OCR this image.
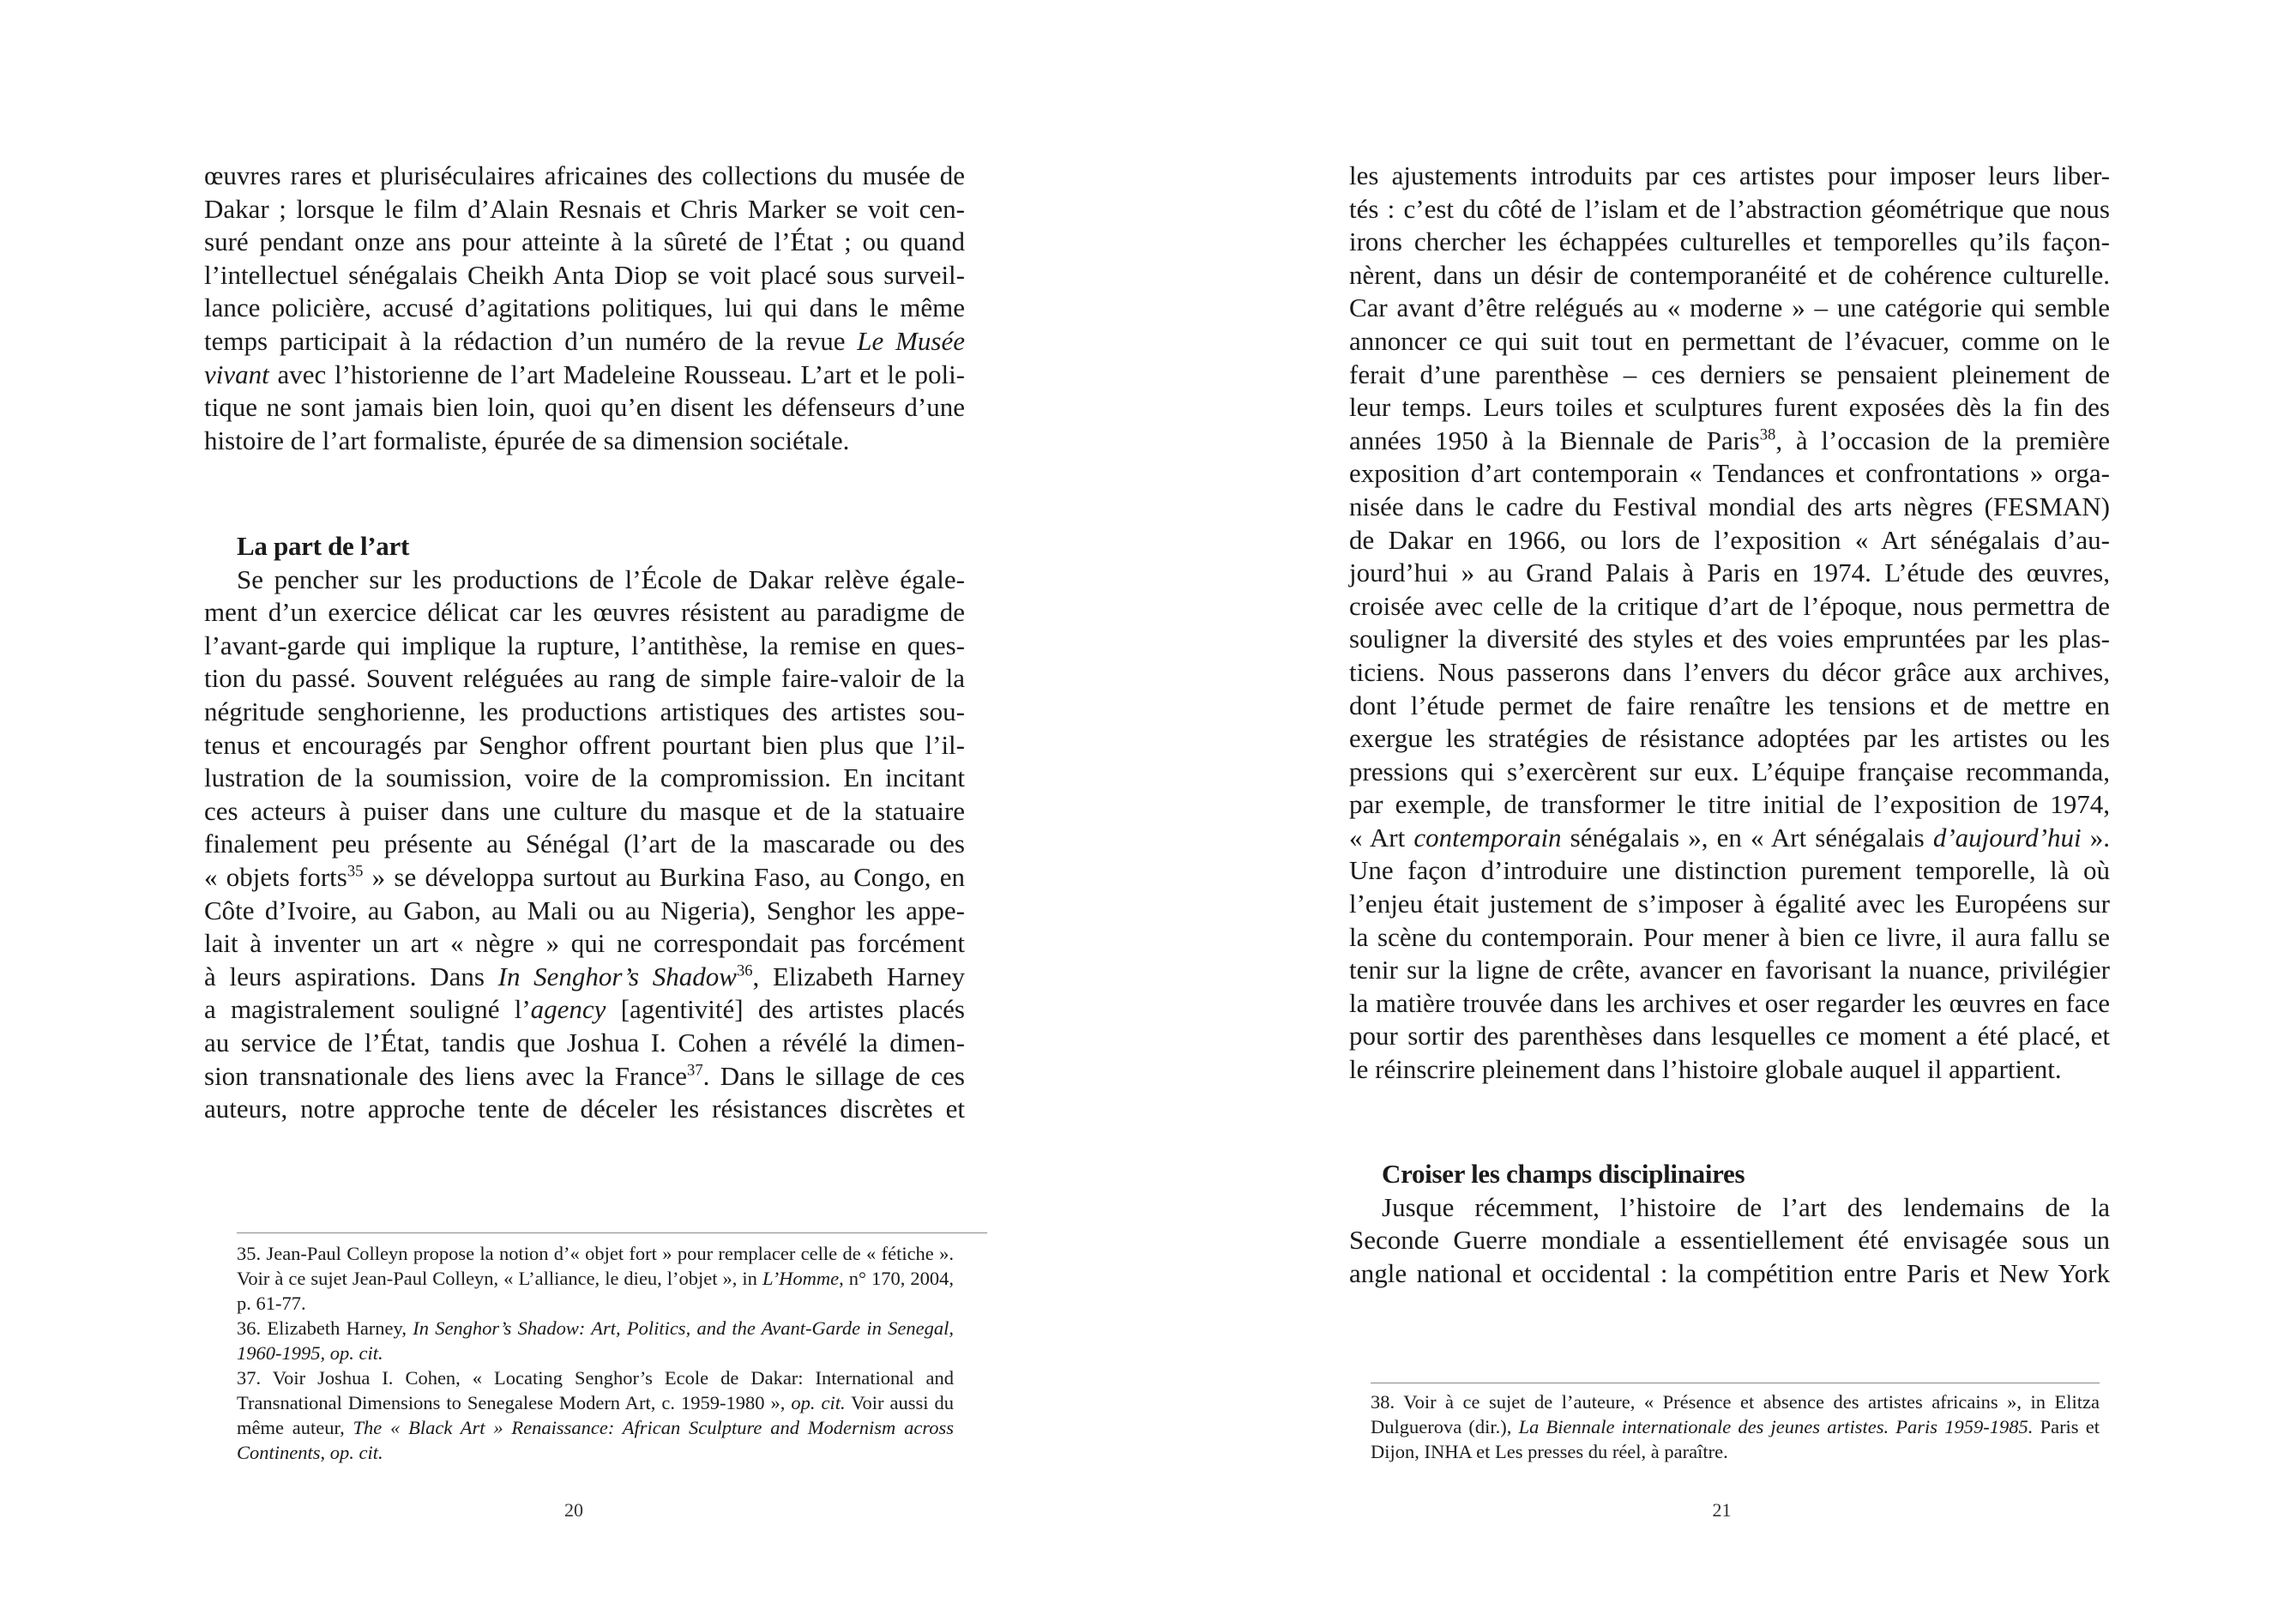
œuvres rares et pluriséculaires africaines des collections du musée de
Dakar ; lorsque le film d’Alain Resnais et Chris Marker se voit cen-
suré pendant onze ans pour atteinte à la sûreté de l’État ; ou quand
l’intellectuel sénégalais Cheikh Anta Diop se voit placé sous surveil-
lance policière, accusé d’agitations politiques, lui qui dans le même
temps participait à la rédaction d’un numéro de la revue Le Musée
vivant avec l’historienne de l’art Madeleine Rousseau. L’art et le poli-
tique ne sont jamais bien loin, quoi qu’en disent les défenseurs d’une
histoire de l’art formaliste, épurée de sa dimension sociétale.

La part de l’art

Se pencher sur les productions de l’École de Dakar relève égale-
ment d’un exercice délicat car les œuvres résistent au paradigme de
l’avant-garde qui implique la rupture, l’antithèse, la remise en ques-
tion du passé. Souvent reléguées au rang de simple faire-valoir de la
négritude senghorienne, les productions artistiques des artistes sou-
tenus et encouragés par Senghor offrent pourtant bien plus que l’il-
lustration de la soumission, voire de la compromission. En incitant
ces acteurs à puiser dans une culture du masque et de la statuaire
finalement peu présente au Sénégal (l’art de la mascarade ou des
« objets forts$^{35}$ » se développa surtout au Burkina Faso, au Congo, en
Côte d’Ivoire, au Gabon, au Mali ou au Nigeria), Senghor les appe-
lait à inventer un art « nègre » qui ne correspondait pas forcément
à leurs aspirations. Dans In Senghor’s Shadow$^{36}$, Elizabeth Harney
a magistralement souligné l’agency [agentivité] des artistes placés
au service de l’État, tandis que Joshua I. Cohen a révélé la dimen-
sion transnationale des liens avec la France$^{37}$. Dans le sillage de ces
auteurs, notre approche tente de déceler les résistances discrètes et

35. Jean-Paul Colleyn propose la notion d’« objet fort » pour remplacer celle de « fétiche ». Voir à ce sujet Jean-Paul Colleyn, « L’alliance, le dieu, l’objet », in L’Homme, n° 170, 2004, p. 61-77.

36. Elizabeth Harney, In Senghor’s Shadow: Art, Politics, and the Avant-Garde in Senegal, 1960-1995, op. cit.

37. Voir Joshua I. Cohen, « Locating Senghor’s Ecole de Dakar: International and Transnational Dimensions to Senegalese Modern Art, c. 1959-1980 », op. cit. Voir aussi du même auteur, The « Black Art » Renaissance: African Sculpture and Modernism across Continents, op. cit.

20

les ajustements introduits par ces artistes pour imposer leurs liber-
tés : c’est du côté de l’islam et de l’abstraction géométrique que nous
irons chercher les échappées culturelles et temporelles qu’ils façon-
nèrent, dans un désir de contemporanéité et de cohérence culturelle.
Car avant d’être relégués au « moderne » – une catégorie qui semble
annoncer ce qui suit tout en permettant de l’évacuer, comme on le
ferait d’une parenthèse – ces derniers se pensaient pleinement de
leur temps. Leurs toiles et sculptures furent exposées dès la fin des
années 1950 à la Biennale de Paris$^{38}$, à l’occasion de la première
exposition d’art contemporain « Tendances et confrontations » orga-
nisée dans le cadre du Festival mondial des arts nègres (FESMAN)
de Dakar en 1966, ou lors de l’exposition « Art sénégalais d’au-
jourd’hui » au Grand Palais à Paris en 1974. L’étude des œuvres,
croisée avec celle de la critique d’art de l’époque, nous permettra de
souligner la diversité des styles et des voies empruntées par les plas-
ticiens. Nous passerons dans l’envers du décor grâce aux archives,
dont l’étude permet de faire renaître les tensions et de mettre en
exergue les stratégies de résistance adoptées par les artistes ou les
pressions qui s’exercèrent sur eux. L’équipe française recommanda,
par exemple, de transformer le titre initial de l’exposition de 1974,
« Art contemporain sénégalais », en « Art sénégalais d’aujourd’hui ».
Une façon d’introduire une distinction purement temporelle, là où
l’enjeu était justement de s’imposer à égalité avec les Européens sur
la scène du contemporain. Pour mener à bien ce livre, il aura fallu se
tenir sur la ligne de crête, avancer en favorisant la nuance, privilégier
la matière trouvée dans les archives et oser regarder les œuvres en face
pour sortir des parenthèses dans lesquelles ce moment a été placé, et
le réinscrire pleinement dans l’histoire globale auquel il appartient.

Croiser les champs disciplinaires

Jusque récemment, l’histoire de l’art des lendemains de la
Seconde Guerre mondiale a essentiellement été envisagée sous un
angle national et occidental : la compétition entre Paris et New York

38. Voir à ce sujet de l’auteure, « Présence et absence des artistes africains », in Elitza Dulguerova (dir.), La Biennale internationale des jeunes artistes. Paris 1959-1985. Paris et Dijon, INHA et Les presses du réel, à paraître.

21
